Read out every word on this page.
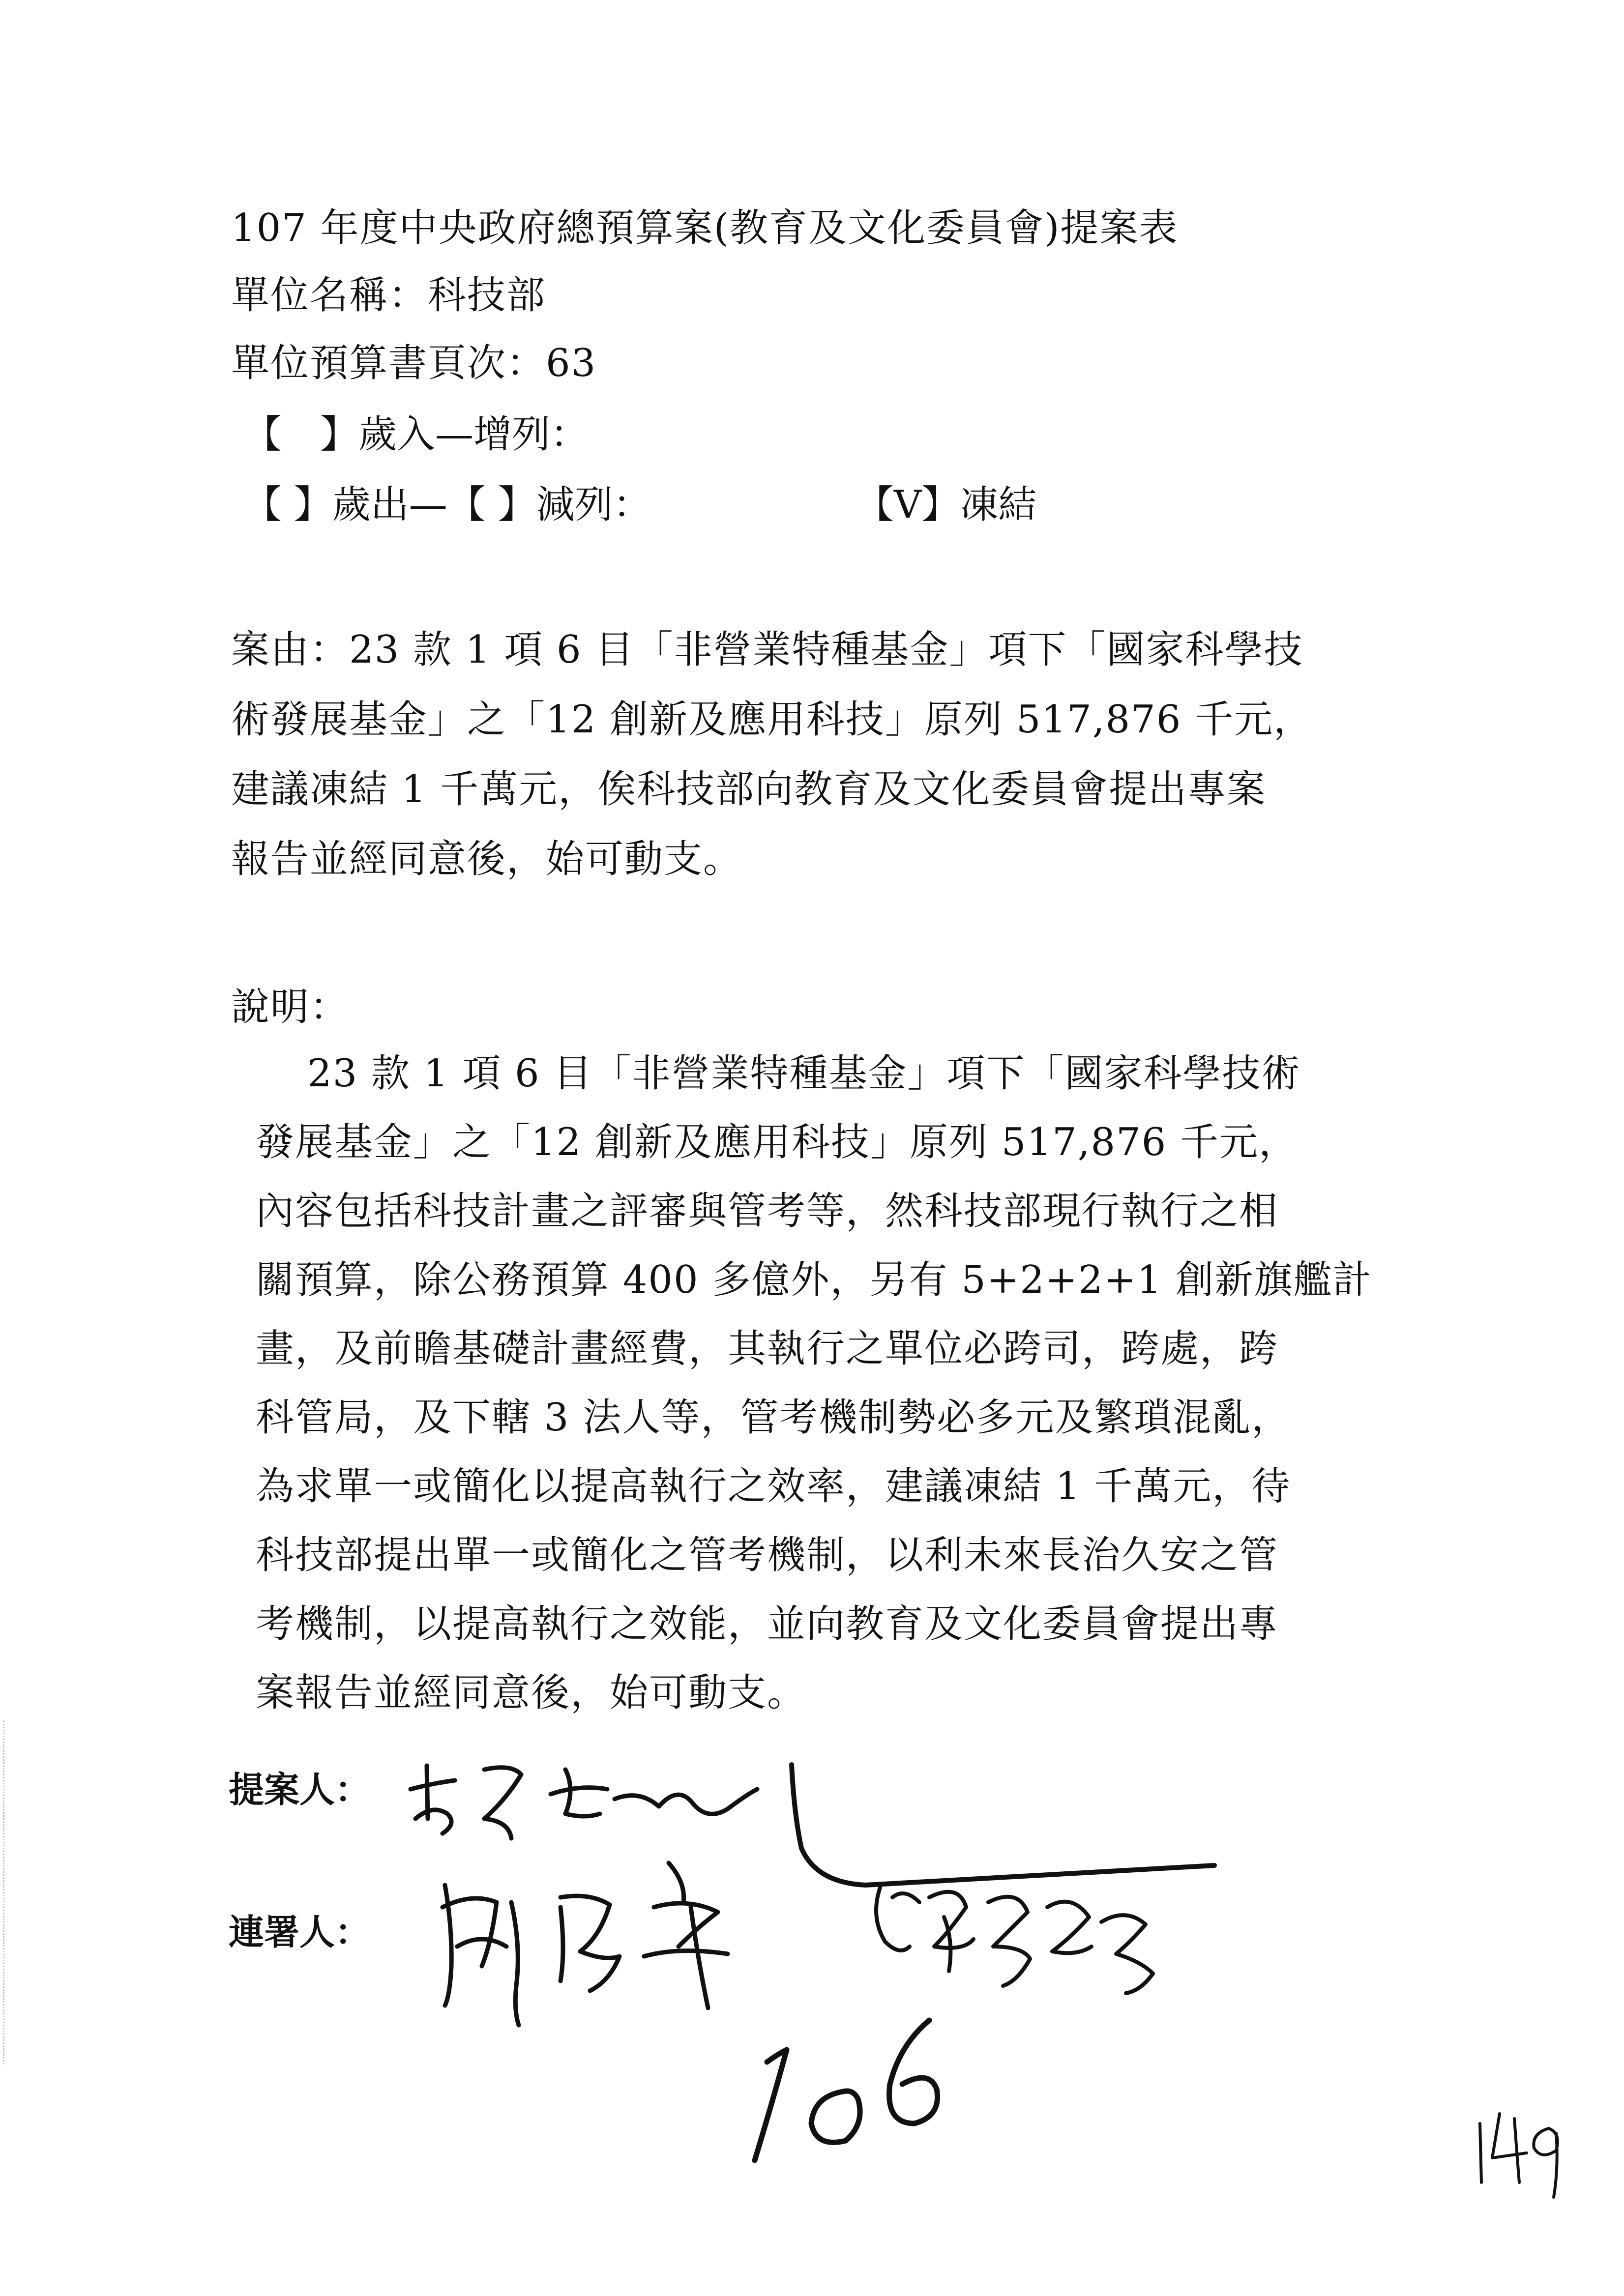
107 年度中央政府總預算案(教育及文化委員會)提案表
單位名稱：科技部
單位預算書頁次：63
【　】歲入—增列：
【 】歲出—【 】減列：	【V】凍結
案由：23 款 1 項 6 目「非營業特種基金」項下「國家科學技
術發展基金」之「12 創新及應用科技」原列 517,876 千元，
建議凍結 1 千萬元，俟科技部向教育及文化委員會提出專案
報告並經同意後，始可動支。
說明：
23 款 1 項 6 目「非營業特種基金」項下「國家科學技術
發展基金」之「12 創新及應用科技」原列 517,876 千元，
內容包括科技計畫之評審與管考等，然科技部現行執行之相
關預算，除公務預算 400 多億外，另有 5+2+2+1 創新旗艦計
畫，及前瞻基礎計畫經費，其執行之單位必跨司，跨處，跨
科管局，及下轄 3 法人等，管考機制勢必多元及繁瑣混亂，
為求單一或簡化以提高執行之效率，建議凍結 1 千萬元，待
科技部提出單一或簡化之管考機制，以利未來長治久安之管
考機制，以提高執行之效能，並向教育及文化委員會提出專
案報告並經同意後，始可動支。
提案人：
連署人：
